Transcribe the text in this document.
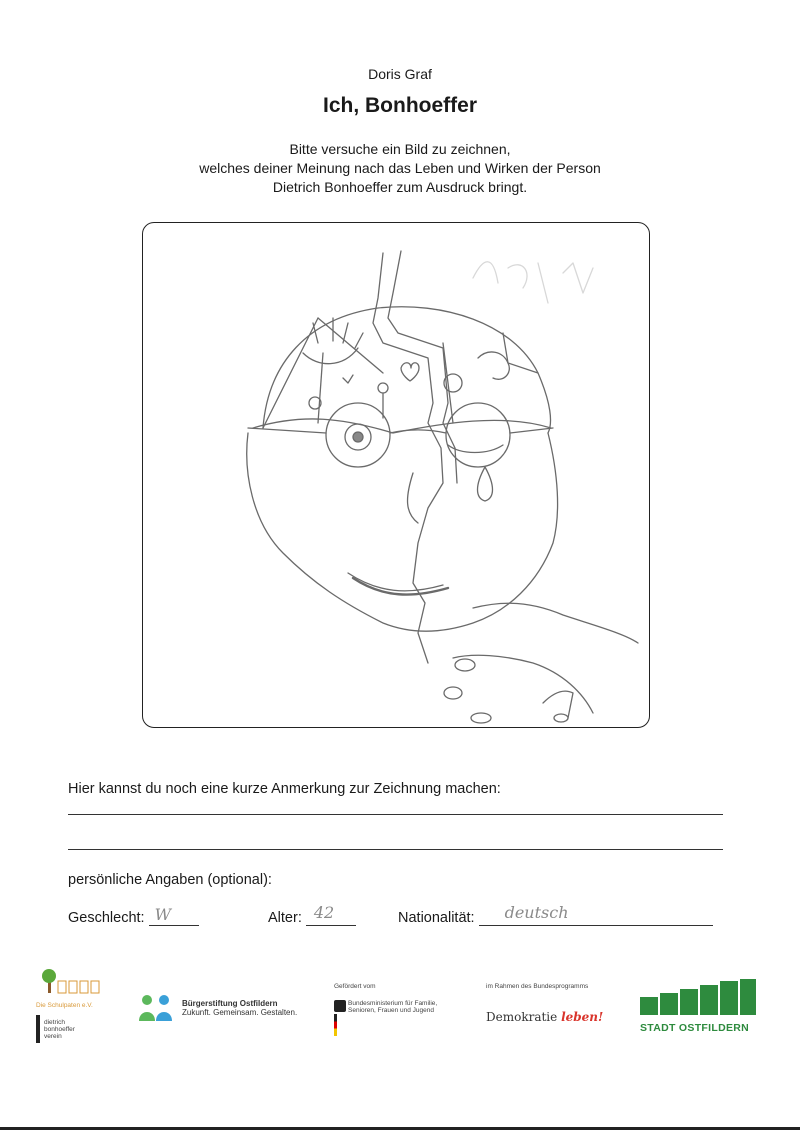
Doris Graf
Ich, Bonhoeffer
Bitte versuche ein Bild zu zeichnen,
welches deiner Meinung nach das Leben und Wirken der Person
Dietrich Bonhoeffer zum Ausdruck bringt.
Hier kannst du noch eine kurze Anmerkung zur Zeichnung machen:
persönliche Angaben (optional):
Geschlecht: W	Alter: 42	Nationalität: deutsch
Die Schulpaten e.V.
dietrich bonhoeffer verein
Bürgerstiftung Ostfildern
Zukunft. Gemeinsam. Gestalten.
Gefördert vom
Bundesministerium für Familie, Senioren, Frauen und Jugend
im Rahmen des Bundesprogramms
Demokratie leben!
STADT OSTFILDERN
